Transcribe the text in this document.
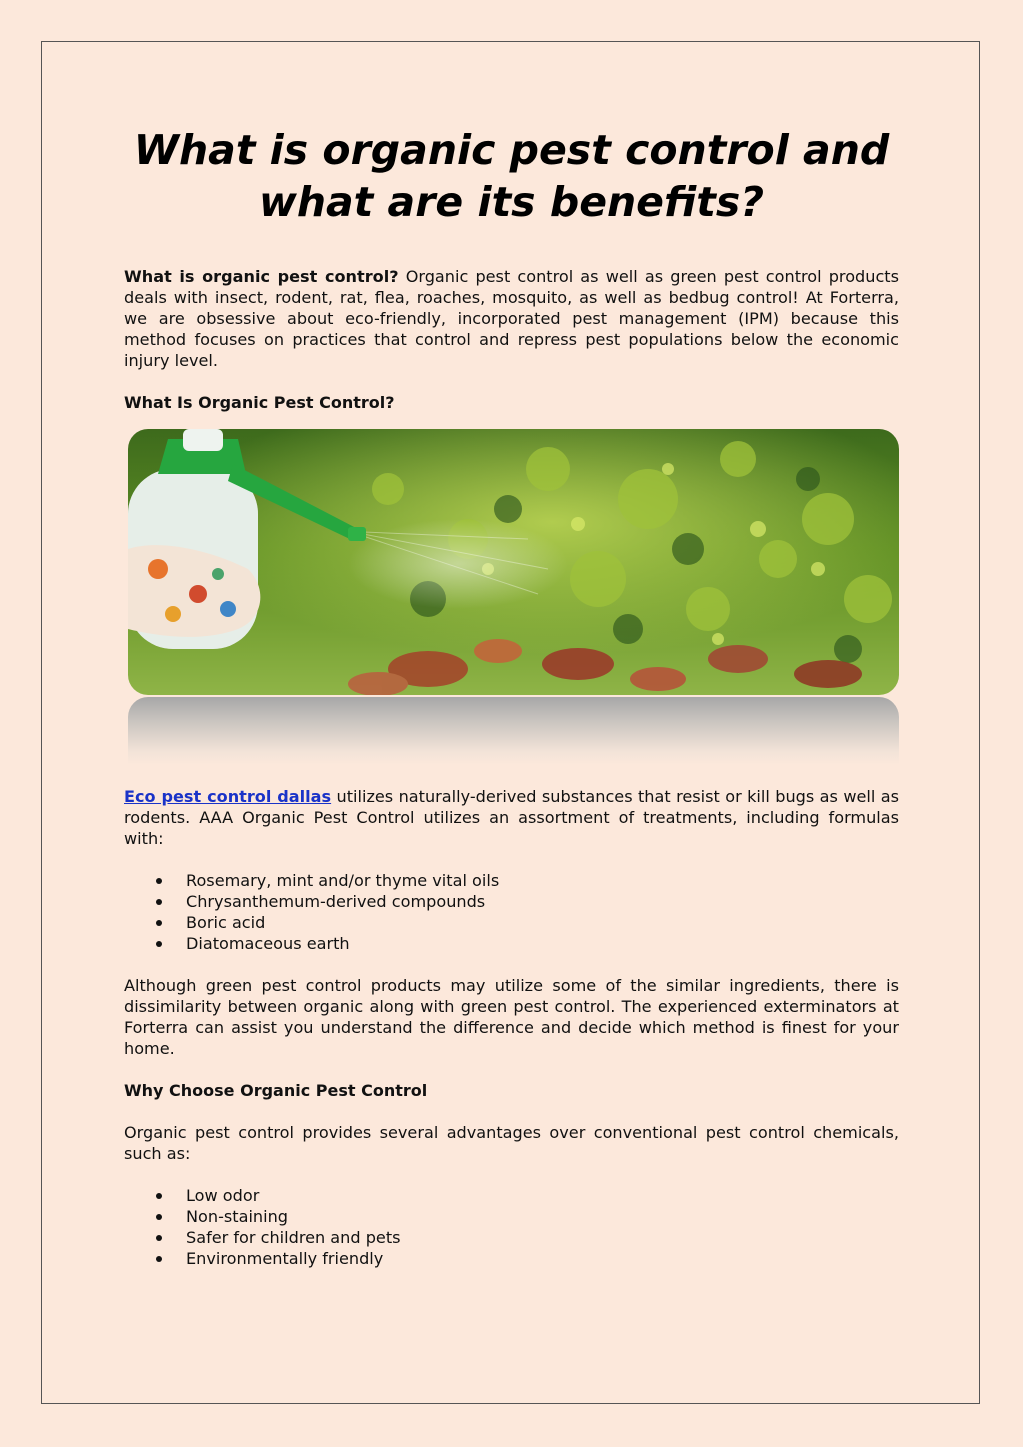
What is organic pest control and
what are its benefits?

What is organic pest control? Organic pest control as well as green pest control products deals with insect, rodent, rat, flea, roaches, mosquito, as well as bedbug control! At Forterra, we are obsessive about eco-friendly, incorporated pest management (IPM) because this method focuses on practices that control and repress pest populations below the economic injury level.

What Is Organic Pest Control?

Eco pest control dallas utilizes naturally-derived substances that resist or kill bugs as well as rodents. AAA Organic Pest Control utilizes an assortment of treatments, including formulas with:

Rosemary, mint and/or thyme vital oils
Chrysanthemum-derived compounds
Boric acid
Diatomaceous earth

Although green pest control products may utilize some of the similar ingredients, there is dissimilarity between organic along with green pest control. The experienced exterminators at Forterra can assist you understand the difference and decide which method is finest for your home.

Why Choose Organic Pest Control

Organic pest control provides several advantages over conventional pest control chemicals, such as:

Low odor
Non-staining
Safer for children and pets
Environmentally friendly
